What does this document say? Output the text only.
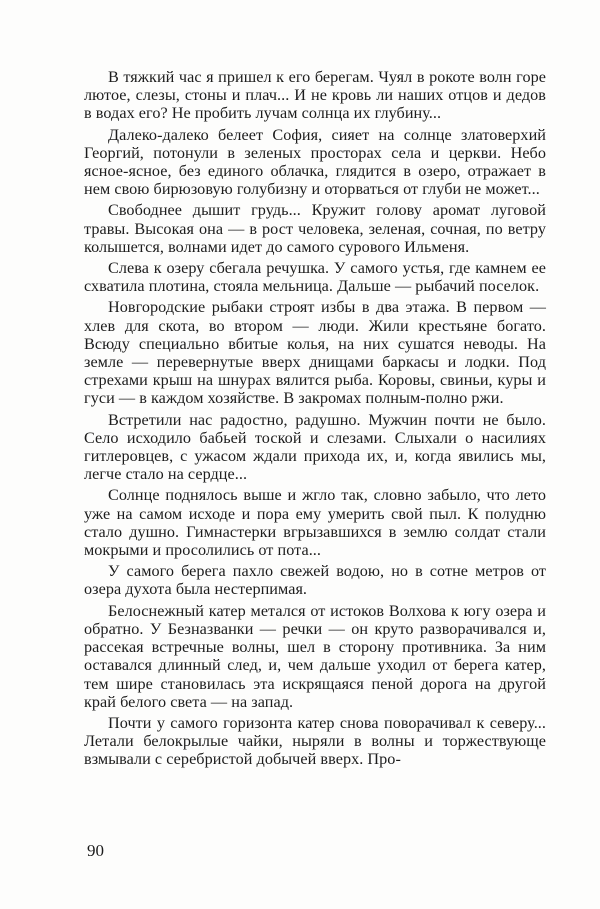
В тяжкий час я пришел к его берегам. Чуял в рокоте волн горе лютое, слезы, стоны и плач... И не кровь ли наших отцов и дедов в водах его? Не пробить лучам солнца их глубину...

Далеко-далеко белеет София, сияет на солнце златоверхий Георгий, потонули в зеленых просторах села и церкви. Небо ясное-ясное, без единого облачка, глядится в озеро, отражает в нем свою бирюзовую голубизну и оторваться от глуби не может...

Свободнее дышит грудь... Кружит голову аромат луговой травы. Высокая она — в рост человека, зеленая, сочная, по ветру колышется, волнами идет до самого сурового Ильменя.

Слева к озеру сбегала речушка. У самого устья, где камнем ее схватила плотина, стояла мельница. Дальше — рыбачий поселок.

Новгородские рыбаки строят избы в два этажа. В первом — хлев для скота, во втором — люди. Жили крестьяне богато. Всюду специально вбитые колья, на них сушатся неводы. На земле — перевернутые вверх днищами баркасы и лодки. Под стрехами крыш на шнурах вялится рыба. Коровы, свиньи, куры и гуси — в каждом хозяйстве. В закромах полным-полно ржи.

Встретили нас радостно, радушно. Мужчин почти не было. Село исходило бабьей тоской и слезами. Слыхали о насилиях гитлеровцев, с ужасом ждали прихода их, и, когда явились мы, легче стало на сердце...

Солнце поднялось выше и жгло так, словно забыло, что лето уже на самом исходе и пора ему умерить свой пыл. К полудню стало душно. Гимнастерки вгрызавшихся в землю солдат стали мокрыми и просолились от пота...

У самого берега пахло свежей водою, но в сотне метров от озера духота была нестерпимая.

Белоснежный катер метался от истоков Волхова к югу озера и обратно. У Безназванки — речки — он круто разворачивался и, рассекая встречные волны, шел в сторону противника. За ним оставался длинный след, и, чем дальше уходил от берега катер, тем шире становилась эта искрящаяся пеной дорога на другой край белого света — на запад.

Почти у самого горизонта катер снова поворачивал к северу... Летали белокрылые чайки, ныряли в волны и торжествующе взмывали с серебристой добычей вверх. Про-

90
